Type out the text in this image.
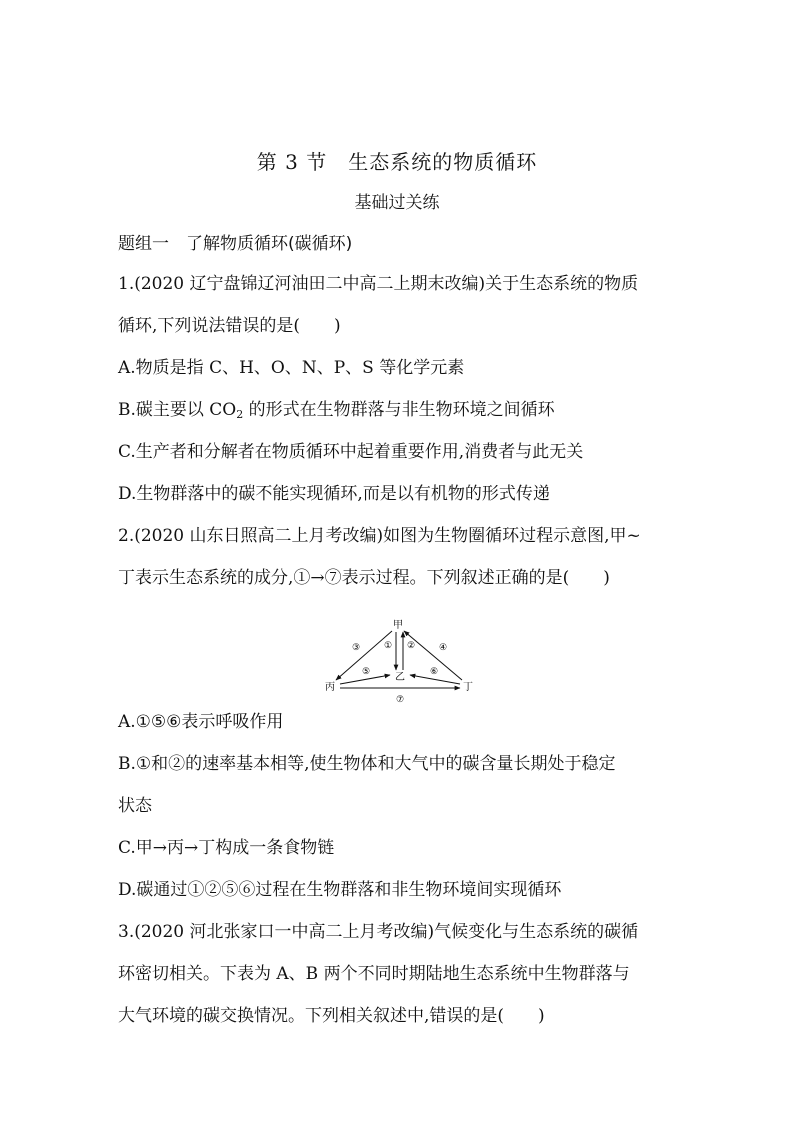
第 3 节　生态系统的物质循环
基础过关练
题组一　了解物质循环(碳循环)
1.(2020 辽宁盘锦辽河油田二中高二上期末改编)关于生态系统的物质
循环,下列说法错误的是(　　)
A.物质是指 C、H、O、N、P、S 等化学元素
B.碳主要以 $CO_2$ 的形式在生物群落与非生物环境之间循环
C.生产者和分解者在物质循环中起着重要作用,消费者与此无关
D.生物群落中的碳不能实现循环,而是以有机物的形式传递
2.(2020 山东日照高二上月考改编)如图为生物圈循环过程示意图,甲~
丁表示生态系统的成分,①→⑦表示过程。下列叙述正确的是(　　)
甲
乙
丙	丁
③	① ②	④
⑤	⑥
⑦
A.①⑤⑥表示呼吸作用
B.①和②的速率基本相等,使生物体和大气中的碳含量长期处于稳定
状态
C.甲→丙→丁构成一条食物链
D.碳通过①②⑤⑥过程在生物群落和非生物环境间实现循环
3.(2020 河北张家口一中高二上月考改编)气候变化与生态系统的碳循
环密切相关。下表为 A、B 两个不同时期陆地生态系统中生物群落与
大气环境的碳交换情况。下列相关叙述中,错误的是(　　)
